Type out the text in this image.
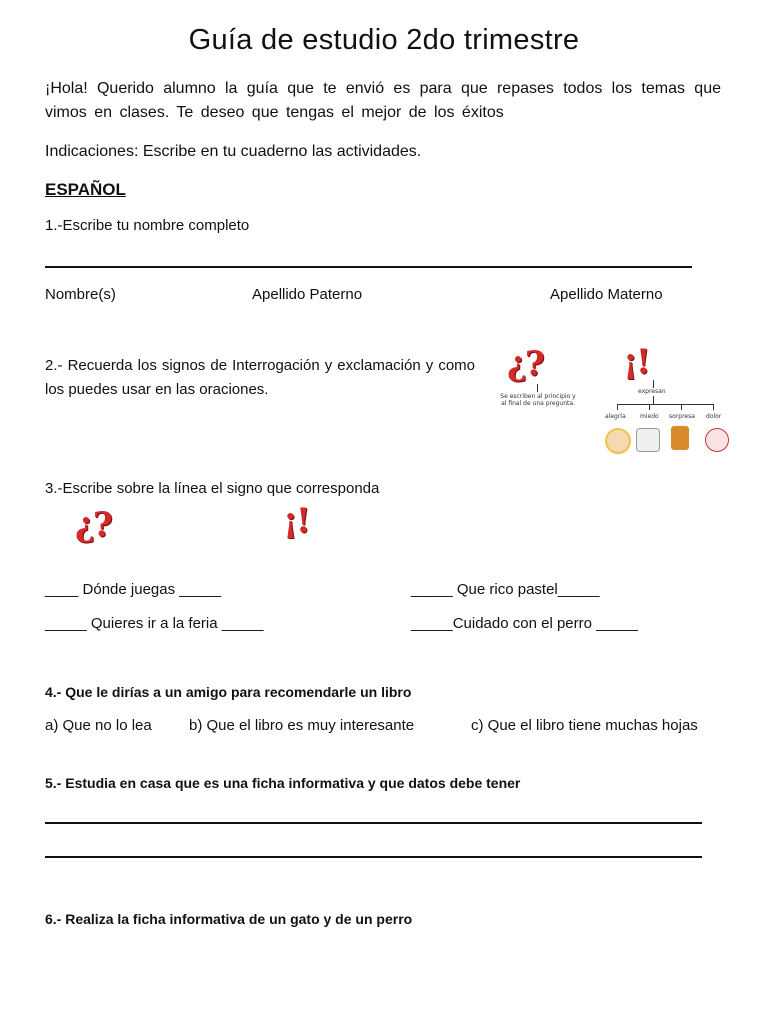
Guía de estudio 2do trimestre
¡Hola! Querido alumno la guía que te envió es para que repases todos los temas que vimos en clases. Te deseo que tengas el mejor de los éxitos
Indicaciones: Escribe en tu cuaderno las actividades.
ESPAÑOL
1.-Escribe tu nombre completo
Nombre(s)	Apellido Paterno	Apellido Materno
2.- Recuerda los signos de Interrogación y exclamación y como los puedes usar en las oraciones.
¿?
Se escriben al principio y al final de una pregunta.
¡!
expresan
alegría miedo sorpresa dolor
3.-Escribe sobre la línea el signo que corresponda
¿?	¡!
____ Dónde juegas _____	_____ Que rico pastel_____
_____ Quieres ir a la feria _____	_____Cuidado con el perro _____
4.- Que le dirías a un amigo para recomendarle un libro
a) Que no lo lea b) Que el libro es muy interesante	c) Que el libro tiene muchas hojas
5.- Estudia en casa que es una ficha informativa y que datos debe tener
6.- Realiza la ficha informativa de un gato y de un perro
